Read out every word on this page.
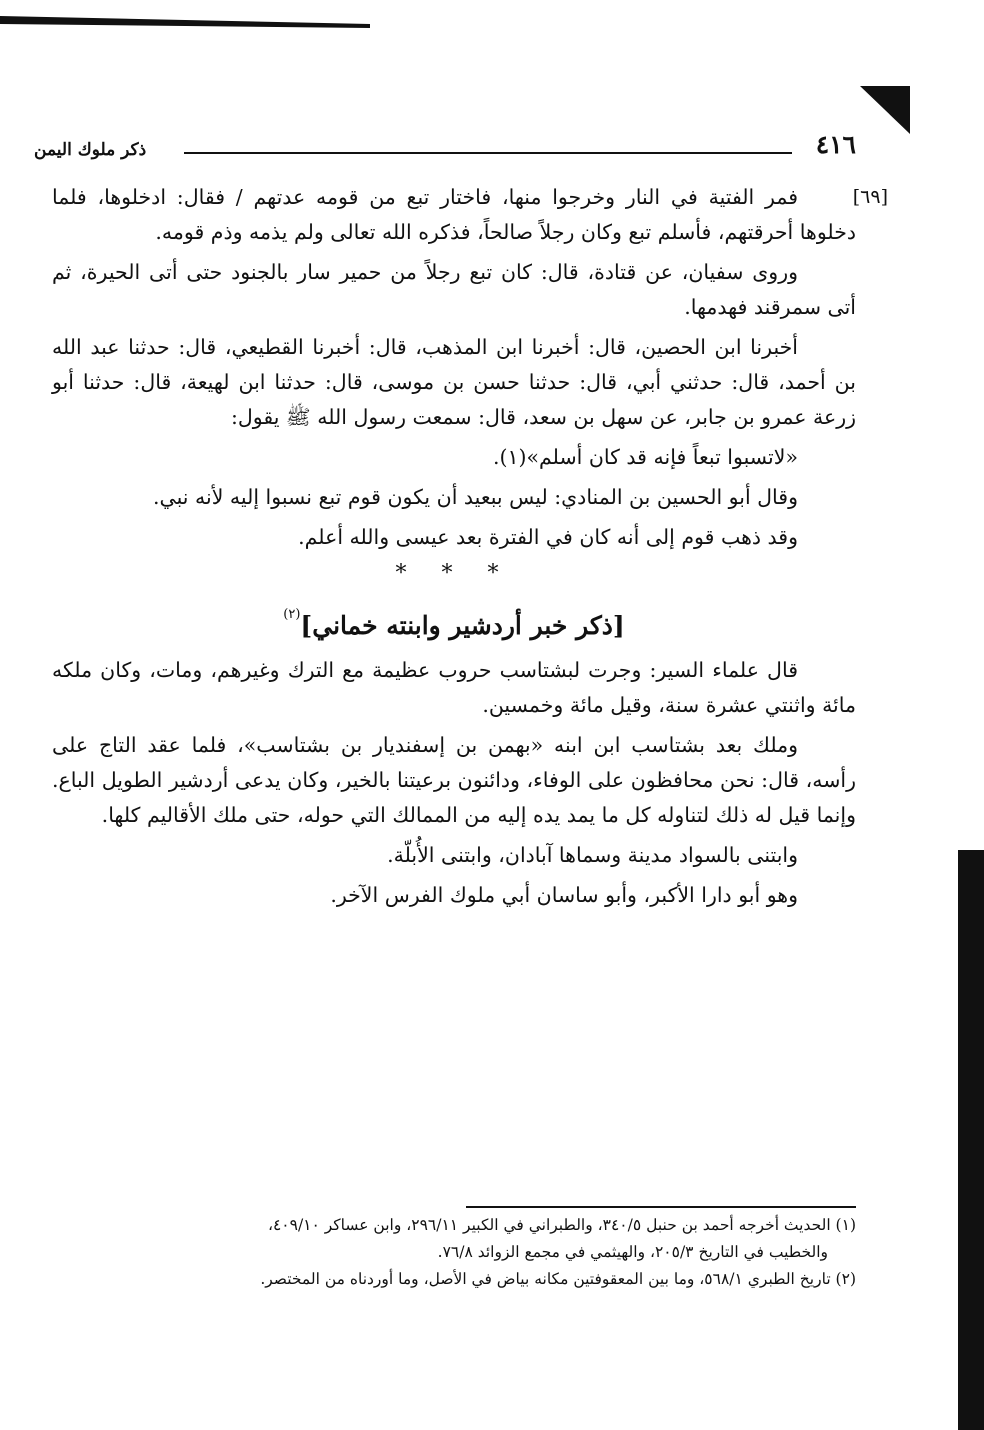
٤١٦
ذكر ملوك اليمن
[٦٩]

فمر الفتية في النار وخرجوا منها، فاختار تبع من قومه عدتهم / فقال: ادخلوها، فلما دخلوها أحرقتهم، فأسلم تبع وكان رجلاً صالحاً، فذكره الله تعالى ولم يذمه وذم قومه.

وروى سفيان، عن قتادة، قال: كان تبع رجلاً من حمير سار بالجنود حتى أتى الحيرة، ثم أتى سمرقند فهدمها.

أخبرنا ابن الحصين، قال: أخبرنا ابن المذهب، قال: أخبرنا القطيعي، قال: حدثنا عبد الله بن أحمد، قال: حدثني أبي، قال: حدثنا حسن بن موسى، قال: حدثنا ابن لهيعة، قال: حدثنا أبو زرعة عمرو بن جابر، عن سهل بن سعد، قال: سمعت رسول الله ﷺ يقول:

«لاتسبوا تبعاً فإنه قد كان أسلم»(١).

وقال أبو الحسين بن المنادي: ليس ببعيد أن يكون قوم تبع نسبوا إليه لأنه نبي.

وقد ذهب قوم إلى أنه كان في الفترة بعد عيسى والله أعلم.

* * *

[ذكر خبر أردشير وابنته خماني]$^{(٢)}$

قال علماء السير: وجرت لبشتاسب حروب عظيمة مع الترك وغيرهم، ومات، وكان ملكه مائة واثنتي عشرة سنة، وقيل مائة وخمسين.

وملك بعد بشتاسب ابن ابنه «بهمن بن إسفنديار بن بشتاسب»، فلما عقد التاج على رأسه، قال: نحن محافظون على الوفاء، ودائنون برعيتنا بالخير، وكان يدعى أردشير الطويل الباع. وإنما قيل له ذلك لتناوله كل ما يمد يده إليه من الممالك التي حوله، حتى ملك الأقاليم كلها.

وابتنى بالسواد مدينة وسماها آبادان، وابتنى الأُبلّة.

وهو أبو دارا الأكبر، وأبو ساسان أبي ملوك الفرس الآخر.

(١) الحديث أخرجه أحمد بن حنبل ٣٤٠/٥، والطبراني في الكبير ٢٩٦/١١، وابن عساكر ٤٠٩/١٠،

والخطيب في التاريخ ٢٠٥/٣، والهيثمي في مجمع الزوائد ٧٦/٨.

(٢) تاريخ الطبري ٥٦٨/١، وما بين المعقوفتين مكانه بياض في الأصل، وما أوردناه من المختصر.
